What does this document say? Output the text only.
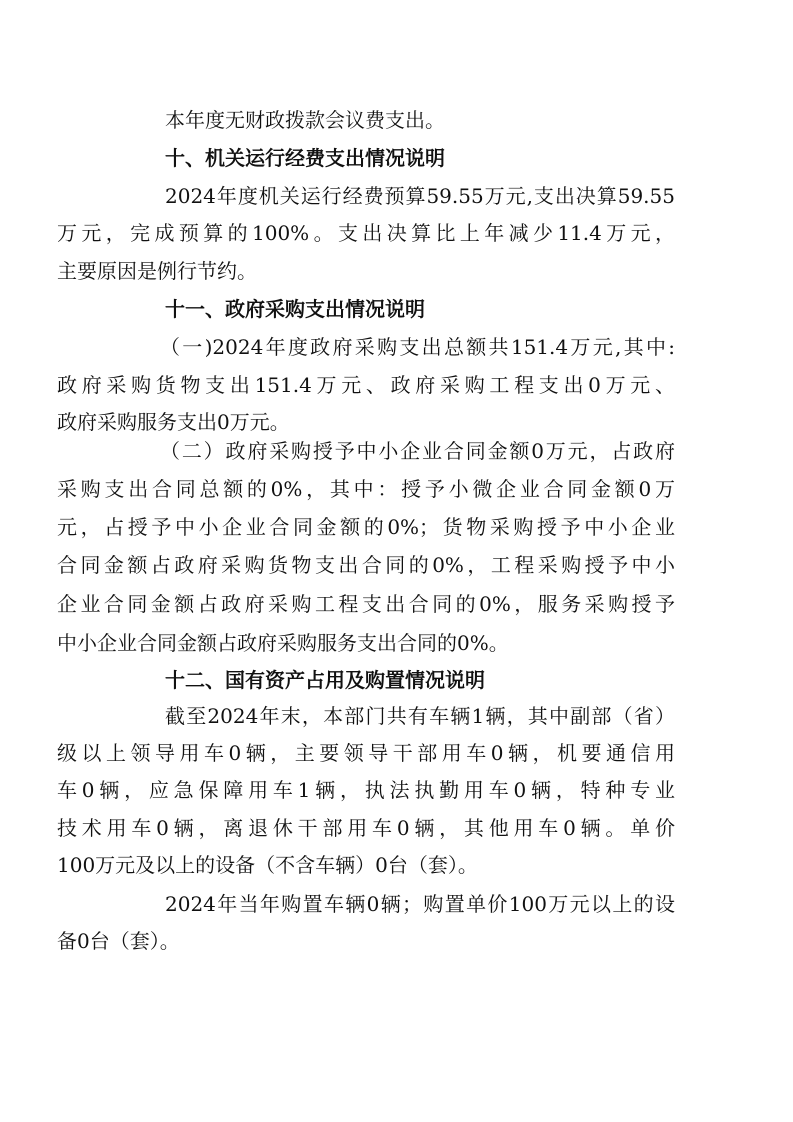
本年度无财政拨款会议费支出。
十、机关运行经费支出情况说明
2024年度机关运行经费预算59.55万元,支出决算59.55
万元，完成预算的100%。支出决算比上年减少11.4万元，
主要原因是例行节约。
十一、政府采购支出情况说明
（一)2024年度政府采购支出总额共151.4万元,其中:
政府采购货物支出151.4万元、政府采购工程支出0万元、
政府采购服务支出0万元。
（二）政府采购授予中小企业合同金额0万元，占政府
采购支出合同总额的0%，其中：授予小微企业合同金额0万
元，占授予中小企业合同金额的0%；货物采购授予中小企业
合同金额占政府采购货物支出合同的0%，工程采购授予中小
企业合同金额占政府采购工程支出合同的0%，服务采购授予
中小企业合同金额占政府采购服务支出合同的0%。
十二、国有资产占用及购置情况说明
截至2024年末，本部门共有车辆1辆，其中副部（省）
级以上领导用车0辆，主要领导干部用车0辆，机要通信用
车0辆，应急保障用车1辆，执法执勤用车0辆，特种专业
技术用车0辆，离退休干部用车0辆，其他用车0辆。单价
100万元及以上的设备（不含车辆）0台（套）。
2024年当年购置车辆0辆；购置单价100万元以上的设
备0台（套）。
